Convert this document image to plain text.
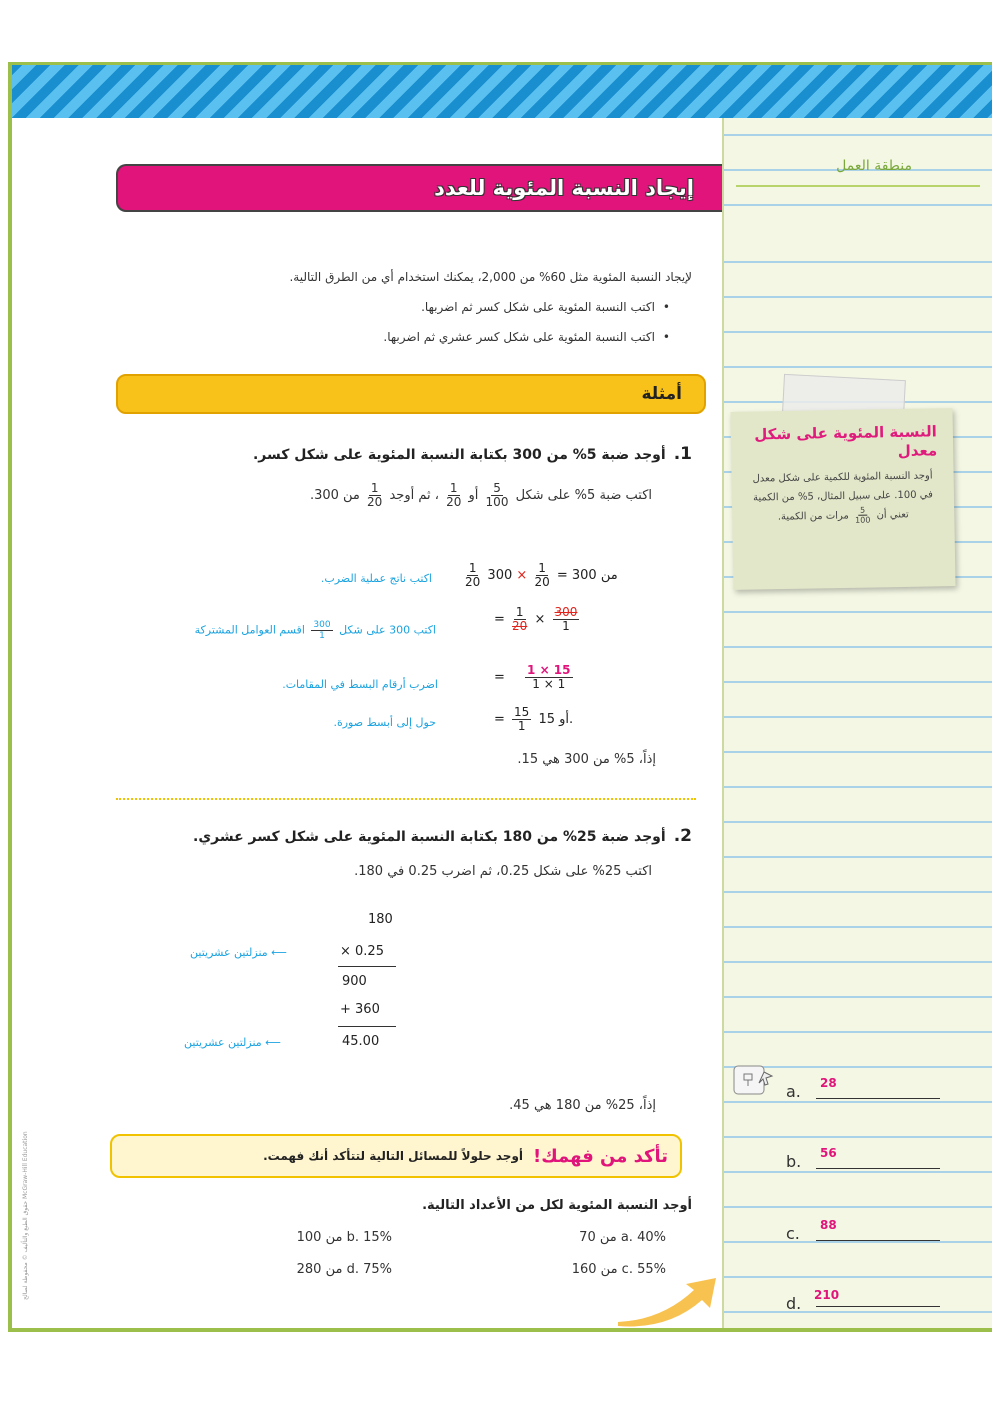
منطقة العمل
إيجاد النسبة المئوية للعدد
لإيجاد النسبة المئوية مثل 60% من 2,000، يمكنك استخدام أي من الطرق التالية.
• اكتب النسبة المئوية على شكل كسر ثم اضربها.
• اكتب النسبة المئوية على شكل كسر عشري ثم اضربها.
أمثلة
النسبة المئوية على شكل معدل

أوجد النسبة المئوية للكمية على شكل معدل في 100. على سبيل المثال، 5% من الكمية تعني أن
$\frac{5}{100}$
مرات من الكمية.

1.أوجد ضبة 5% من 300 بكتابة النسبة المئوية على شكل كسر.
اكتب ضبة 5% على شكل
$\frac{5}{100}$
أو
$\frac{1}{20}$
، ثم أوجد
$\frac{1}{20}$
من 300.
$\frac{1}{20}$	من 300 =
$\frac{1}{20}$
× 300
اكتب ناتج عملية الضرب.
= $\frac{1}{20} \times \frac{300}{1}$
اكتب 300 على شكل
$\frac{300}{1}$
اقسم العوامل المشتركة
= $\frac{1 \times 15}{1 \times 1}$
اضرب أرقام البسط في المقامات.
= $\frac{15}{1}$ أو 15.
حول إلى أبسط صورة.
إذاً، 5% من 300 هي 15.
2.أوجد ضبة 25% من 180 بكتابة النسبة المئوية على شكل كسر عشري.
اكتب 25% على شكل 0.25، ثم اضرب 0.25 في 180.
180
× 0.25
900
+ 360
45.00
منزلتين عشريتين ⟵
منزلتين عشريتين ⟵
إذاً، 25% من 180 هي 45.
تأكد من فهمك!
أوجد حلولاً للمسائل التالية لتتأكد أنك فهمت.
أوجد النسبة المئوية لكل من الأعداد التالية.
a. 40% من 70
b. 15% من 100
c. 55% من 160
d. 75% من 280
a. 28
b. 56
c. 88
d. 210
حقوق الطبع والتأليف © محفوظة لصالح McGraw-Hill Education
